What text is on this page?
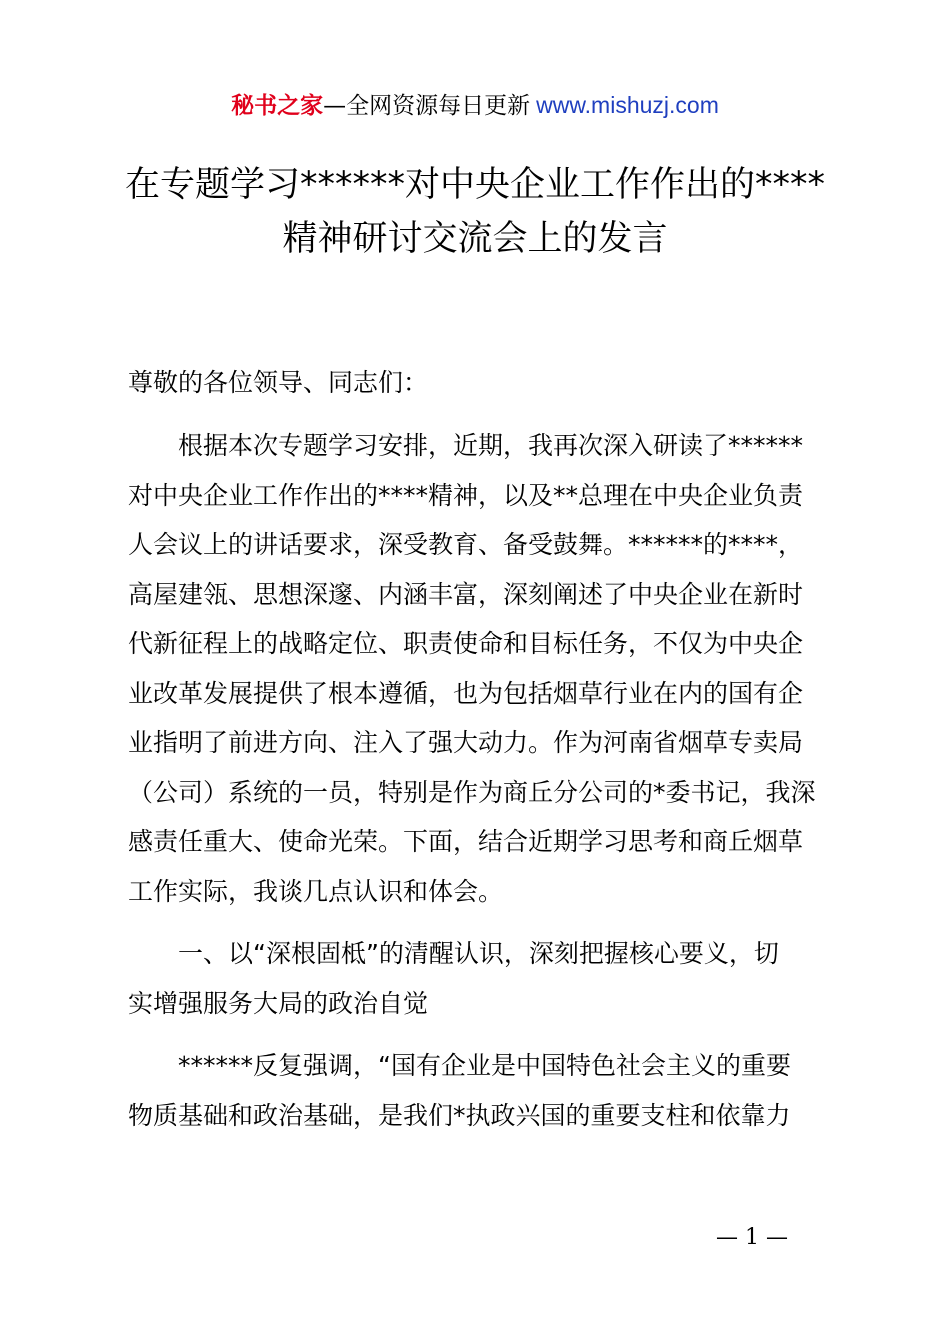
秘书之家—全网资源每日更新 www.mishuzj.com
在专题学习******对中央企业工作作出的****
精神研讨交流会上的发言
尊敬的各位领导、同志们：
根据本次专题学习安排，近期，我再次深入研读了******
对中央企业工作作出的****精神，以及**总理在中央企业负责
人会议上的讲话要求，深受教育、备受鼓舞。******的****，
高屋建瓴、思想深邃、内涵丰富，深刻阐述了中央企业在新时
代新征程上的战略定位、职责使命和目标任务，不仅为中央企
业改革发展提供了根本遵循，也为包括烟草行业在内的国有企
业指明了前进方向、注入了强大动力。作为河南省烟草专卖局
（公司）系统的一员，特别是作为商丘分公司的*委书记，我深
感责任重大、使命光荣。下面，结合近期学习思考和商丘烟草
工作实际，我谈几点认识和体会。
一、以“深根固柢”的清醒认识，深刻把握核心要义，切
实增强服务大局的政治自觉
******反复强调，“国有企业是中国特色社会主义的重要
物质基础和政治基础，是我们*执政兴国的重要支柱和依靠力
— 1 —
